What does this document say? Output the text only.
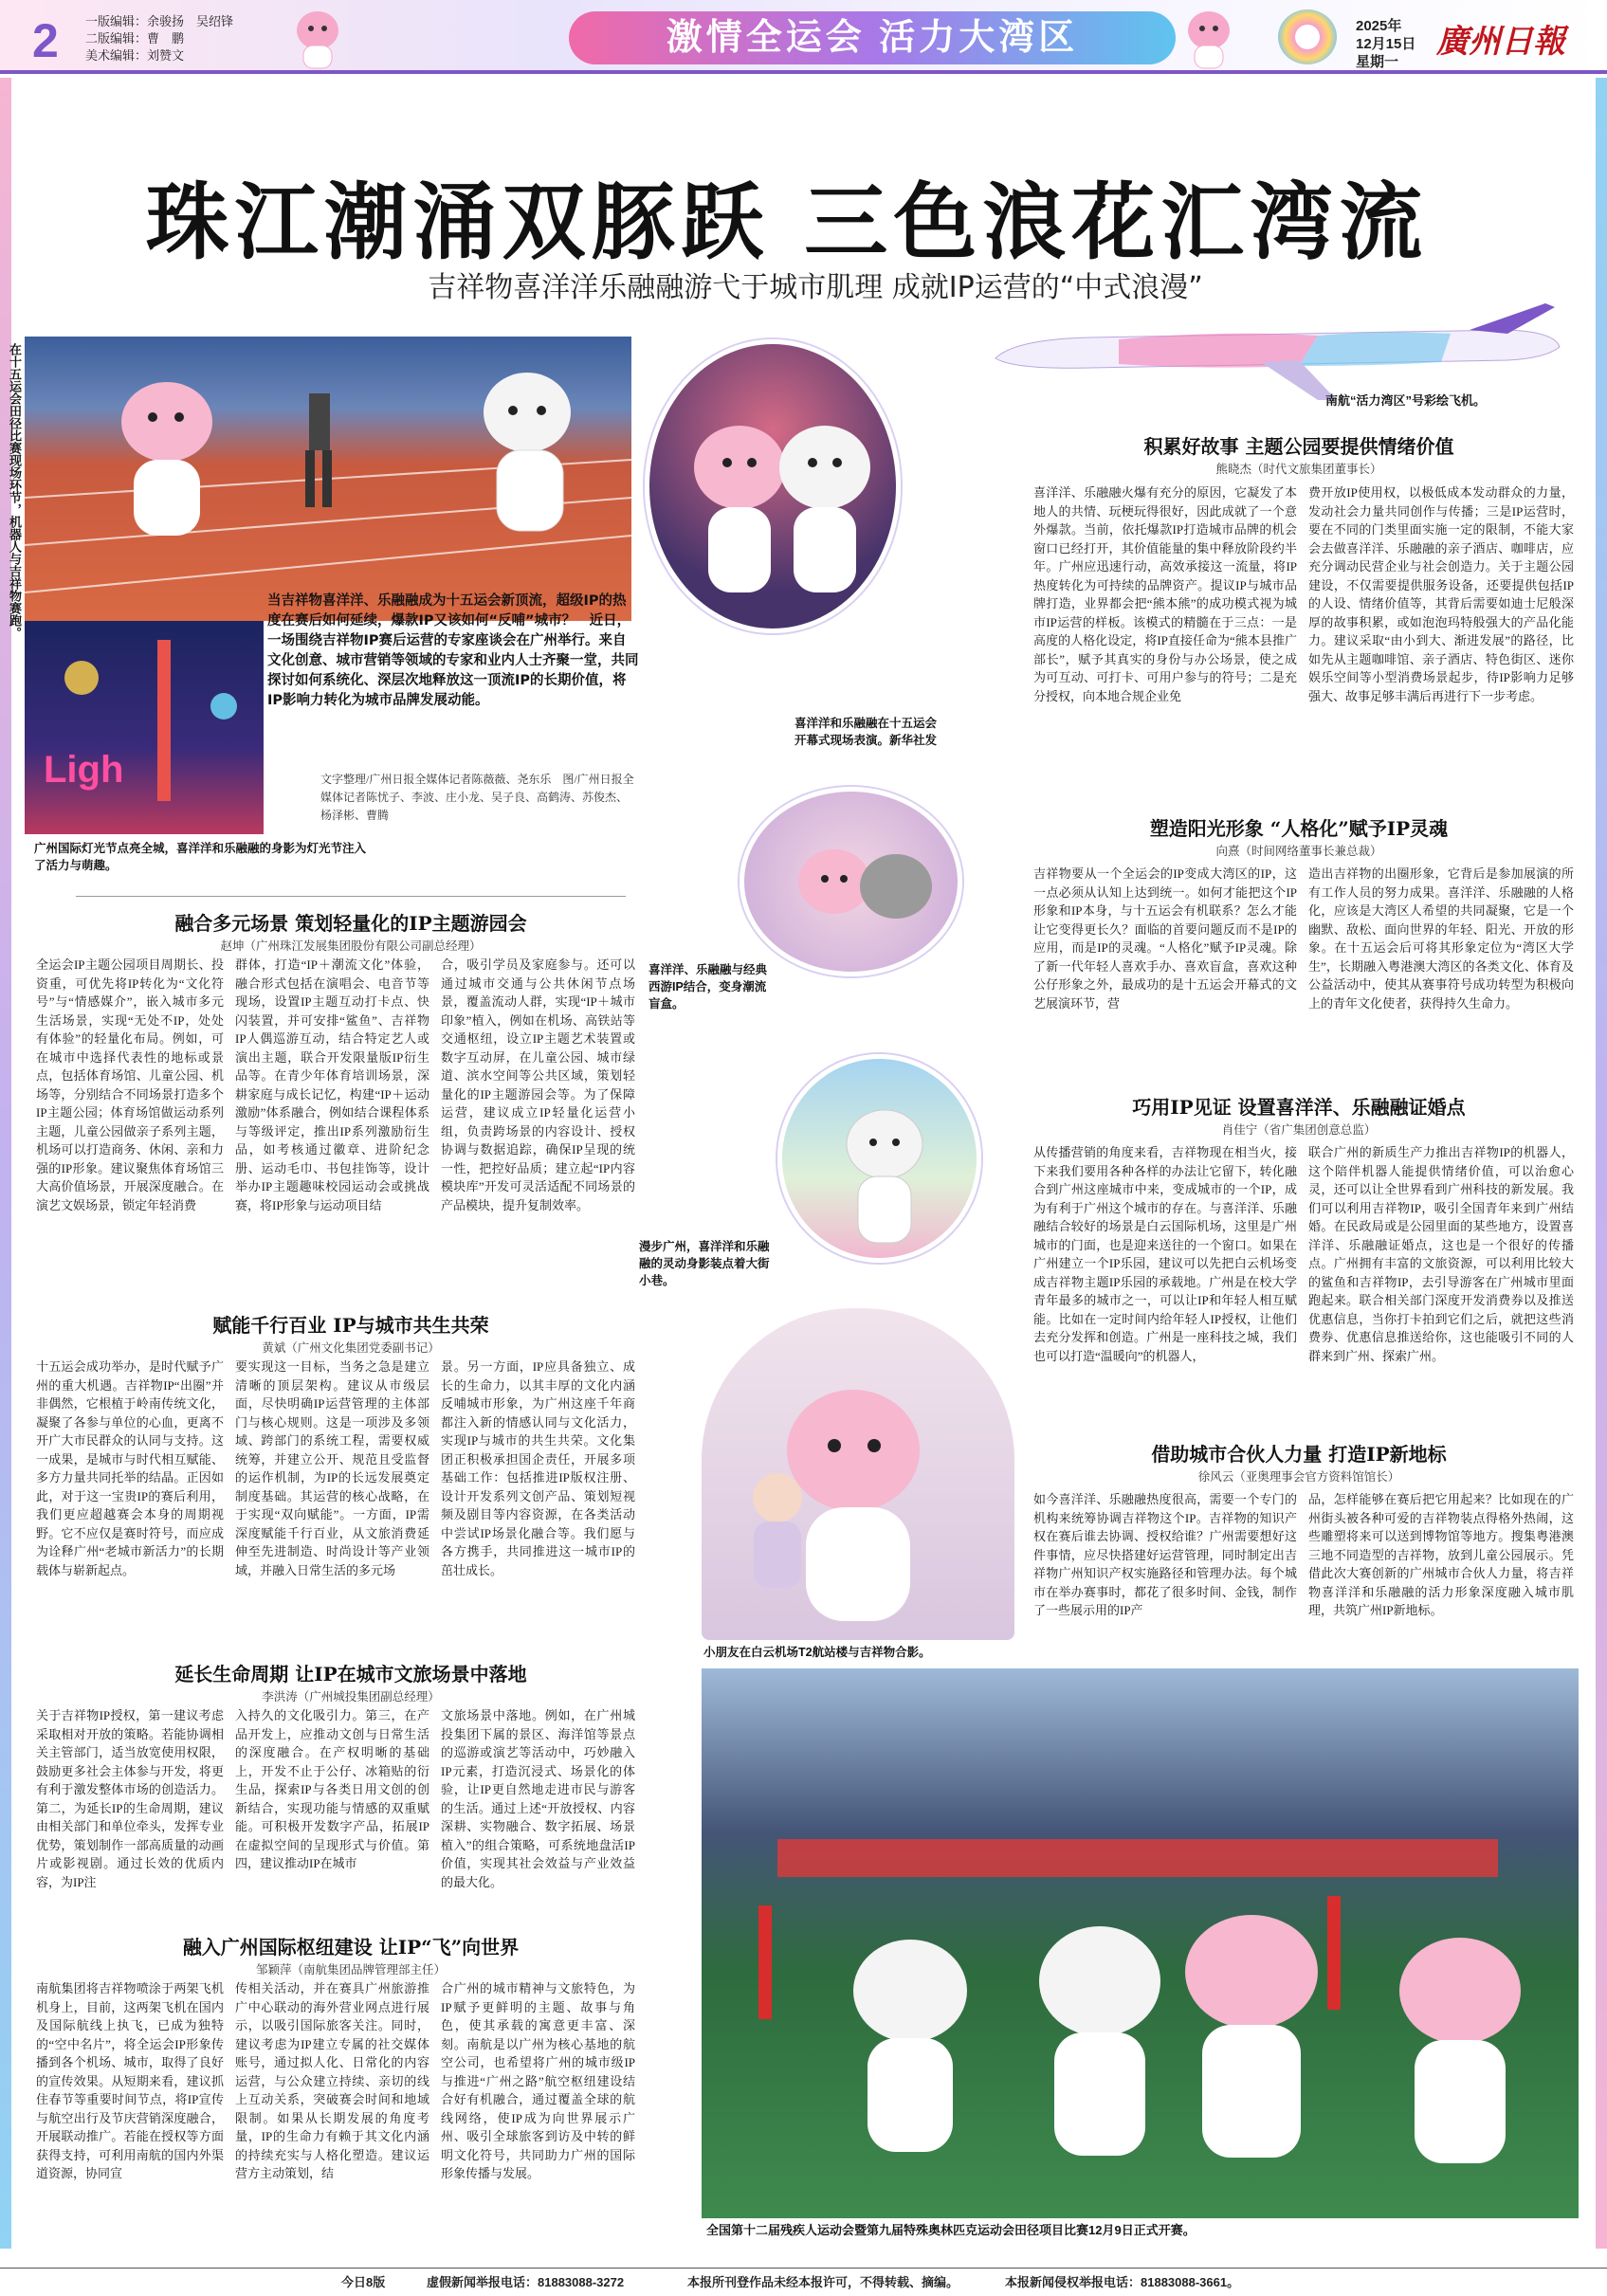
2 一版编辑：余骏扬　吴绍锋
二版编辑：曹　鹏
美术编辑：刘赞文	激情全运会 活力大湾区	2025年
12月15日
星期一
廣州日報
珠江潮涌双豚跃 三色浪花汇湾流
吉祥物喜洋洋乐融融游弋于城市肌理 成就IP运营的“中式浪漫”
南航“活力湾区”号彩绘飞机。
在十五运会田径比赛现场环节，机器人与吉祥物赛跑。
Ligh
广州国际灯光节点亮全城，喜洋洋和乐融融的身影为灯光节注入了活力与萌趣。
当吉祥物喜洋洋、乐融融成为十五运会新顶流，超级IP的热度在赛后如何延续，爆款IP又该如何“反哺”城市？　近日，一场围绕吉祥物IP赛后运营的专家座谈会在广州举行。来自文化创意、城市营销等领域的专家和业内人士齐聚一堂，共同探讨如何系统化、深层次地释放这一顶流IP的长期价值，将IP影响力转化为城市品牌发展动能。
文字整理/广州日报全媒体记者陈薇薇、尧东乐　图/广州日报全媒体记者陈忧子、李波、庄小龙、吴子良、高鹤涛、苏俊杰、杨泽彬、曹腾
喜洋洋和乐融融在十五运会开幕式现场表演。新华社发
喜洋洋、乐融融与经典西游IP结合，变身潮流盲盒。
漫步广州，喜洋洋和乐融融的灵动身影装点着大街小巷。
小朋友在白云机场T2航站楼与吉祥物合影。
全国第十二届残疾人运动会暨第九届特殊奥林匹克运动会田径项目比赛12月9日正式开赛。
融合多元场景 策划轻量化的IP主题游园会
赵坤（广州珠江发展集团股份有限公司副总经理）
全运会IP主题公园项目周期长、投资重，可优先将IP转化为“文化符号”与“情感媒介”，嵌入城市多元生活场景，实现“无处不IP，处处有体验”的轻量化布局。例如，可在城市中选择代表性的地标或景点，包括体育场馆、儿童公园、机场等，分别结合不同场景打造多个IP主题公园；体育场馆做运动系列主题，儿童公园做亲子系列主题，机场可以打造商务、休闲、亲和力强的IP形象。建议聚焦体育场馆三大高价值场景，开展深度融合。在演艺文娱场景，锁定年轻消费
群体，打造“IP＋潮流文化”体验，融合形式包括在演唱会、电音节等现场，设置IP主题互动打卡点、快闪装置，并可安排“鲨鱼”、吉祥物IP人偶巡游互动，结合特定艺人或演出主题，联合开发限量版IP衍生品等。在青少年体育培训场景，深耕家庭与成长记忆，构建“IP＋运动激励”体系融合，例如结合课程体系与等级评定，推出IP系列激励衍生品，如考核通过徽章、进阶纪念册、运动毛巾、书包挂饰等，设计举办IP主题趣味校园运动会或挑战赛，将IP形象与运动项目结
合，吸引学员及家庭参与。还可以通过城市交通与公共休闲节点场景，覆盖流动人群，实现“IP＋城市印象”植入，例如在机场、高铁站等交通枢纽，设立IP主题艺术装置或数字互动屏，在儿童公园、城市绿道、滨水空间等公共区域，策划轻量化的IP主题游园会等。为了保障运营，建议成立IP轻量化运营小组，负责跨场景的内容设计、授权协调与数据追踪，确保IP呈现的统一性，把控好品质；建立起“IP内容模块库”开发可灵活适配不同场景的产品模块，提升复制效率。
赋能千行百业 IP与城市共生共荣
黄斌（广州文化集团党委副书记）
十五运会成功举办，是时代赋予广州的重大机遇。吉祥物IP“出圈”并非偶然，它根植于岭南传统文化，凝聚了各参与单位的心血，更离不开广大市民群众的认同与支持。这一成果，是城市与时代相互赋能、多方力量共同托举的结晶。正因如此，对于这一宝贵IP的赛后利用，我们更应超越赛会本身的周期视野。它不应仅是赛时符号，而应成为诠释广州“老城市新活力”的长期载体与崭新起点。
要实现这一目标，当务之急是建立清晰的顶层架构。建议从市级层面，尽快明确IP运营管理的主体部门与核心规则。这是一项涉及多领域、跨部门的系统工程，需要权威统筹，并建立公开、规范且受监督的运作机制，为IP的长远发展奠定制度基础。其运营的核心战略，在于实现“双向赋能”。一方面，IP需深度赋能千行百业，从文旅消费延伸至先进制造、时尚设计等产业领域，并融入日常生活的多元场
景。另一方面，IP应具备独立、成长的生命力，以其丰厚的文化内涵反哺城市形象，为广州这座千年商都注入新的情感认同与文化活力，实现IP与城市的共生共荣。文化集团正积极承担国企责任，开展多项基础工作：包括推进IP版权注册、设计开发系列文创产品、策划短视频及剧目等内容资源，在各类活动中尝试IP场景化融合等。我们愿与各方携手，共同推进这一城市IP的茁壮成长。
延长生命周期 让IP在城市文旅场景中落地
李洪涛（广州城投集团副总经理）
关于吉祥物IP授权，第一建议考虑采取相对开放的策略。若能协调相关主管部门，适当放宽使用权限，鼓励更多社会主体参与开发，将更有利于激发整体市场的创造活力。第二，为延长IP的生命周期，建议由相关部门和单位牵头，发挥专业优势，策划制作一部高质量的动画片或影视剧。通过长效的优质内容，为IP注
入持久的文化吸引力。第三，在产品开发上，应推动文创与日常生活的深度融合。在产权明晰的基础上，开发不止于公仔、冰箱贴的衍生品，探索IP与各类日用文创的创新结合，实现功能与情感的双重赋能。可积极开发数字产品，拓展IP在虚拟空间的呈现形式与价值。第四，建议推动IP在城市
文旅场景中落地。例如，在广州城投集团下属的景区、海洋馆等景点的巡游或演艺等活动中，巧妙融入IP元素，打造沉浸式、场景化的体验，让IP更自然地走进市民与游客的生活。通过上述“开放授权、内容深耕、实物融合、数字拓展、场景植入”的组合策略，可系统地盘活IP价值，实现其社会效益与产业效益的最大化。
融入广州国际枢纽建设 让IP“飞”向世界
邹颖萍（南航集团品牌管理部主任）
南航集团将吉祥物喷涂于两架飞机机身上，目前，这两架飞机在国内及国际航线上执飞，已成为独特的“空中名片”，将全运会IP形象传播到各个机场、城市，取得了良好的宣传效果。从短期来看，建议抓住春节等重要时间节点，将IP宣传与航空出行及节庆营销深度融合，开展联动推广。若能在授权等方面获得支持，可利用南航的国内外渠道资源，协同宣
传相关活动，并在赛具广州旅游推广中心联动的海外营业网点进行展示，以吸引国际旅客关注。同时，建议考虑为IP建立专属的社交媒体账号，通过拟人化、日常化的内容运营，与公众建立持续、亲切的线上互动关系，突破赛会时间和地域限制。如果从长期发展的角度考量，IP的生命力有赖于其文化内涵的持续充实与人格化塑造。建议运营方主动策划，结
合广州的城市精神与文旅特色，为IP赋予更鲜明的主题、故事与角色，使其承载的寓意更丰富、深刻。南航是以广州为核心基地的航空公司，也希望将广州的城市级IP与推进“广州之路”航空枢纽建设结合好有机融合，通过覆盖全球的航线网络，使IP成为向世界展示广州、吸引全球旅客到访及中转的鲜明文化符号，共同助力广州的国际形象传播与发展。
积累好故事 主题公园要提供情绪价值
熊晓杰（时代文旅集团董事长）
喜洋洋、乐融融火爆有充分的原因，它凝发了本地人的共情、玩梗玩得很好，因此成就了一个意外爆款。当前，依托爆款IP打造城市品牌的机会窗口已经打开，其价值能量的集中释放阶段约半年。广州应迅速行动，高效承接这一流量，将IP热度转化为可持续的品牌资产。提议IP与城市品牌打造，业界都会把“熊本熊”的成功模式视为城市IP运营的样板。该模式的精髓在于三点：一是高度的人格化设定，将IP直接任命为“熊本县推广部长”，赋予其真实的身份与办公场景，使之成为可互动、可打卡、可用户参与的符号；二是充分授权，向本地合规企业免
费开放IP使用权，以极低成本发动群众的力量，发动社会力量共同创作与传播；三是IP运营时，要在不同的门类里面实施一定的限制，不能大家会去做喜洋洋、乐融融的亲子酒店、咖啡店，应充分调动民营企业与社会创造力。关于主题公园建设，不仅需要提供服务设备，还要提供包括IP的人设、情绪价值等，其背后需要如迪士尼般深厚的故事积累，或如泡泡玛特般强大的产品化能力。建议采取“由小到大、渐进发展”的路径，比如先从主题咖啡馆、亲子酒店、特色街区、迷你娱乐空间等小型消费场景起步，待IP影响力足够强大、故事足够丰满后再进行下一步考虑。
塑造阳光形象 “人格化”赋予IP灵魂
向熹（时间网络董事长兼总裁）
吉祥物要从一个全运会的IP变成大湾区的IP，这一点必须从认知上达到统一。如何才能把这个IP形象和IP本身，与十五运会有机联系？怎么才能让它变得更长久？面临的首要问题反而不是IP的应用，而是IP的灵魂。“人格化”赋予IP灵魂。除了新一代年轻人喜欢手办、喜欢盲盒，喜欢这种公仔形象之外，最成功的是十五运会开幕式的文艺展演环节，营
造出吉祥物的出圈形象，它背后是参加展演的所有工作人员的努力成果。喜洋洋、乐融融的人格化，应该是大湾区人希望的共同凝聚，它是一个幽默、敌松、面向世界的年轻、阳光、开放的形象。在十五运会后可将其形象定位为“湾区大学生”，长期融入粤港澳大湾区的各类文化、体育及公益活动中，使其从赛事符号成功转型为积极向上的青年文化使者，获得持久生命力。
巧用IP见证 设置喜洋洋、乐融融证婚点
肖佳宁（省广集团创意总监）
从传播营销的角度来看，吉祥物现在相当火，接下来我们要用各种各样的办法让它留下，转化融合到广州这座城市中来，变成城市的一个IP，成为有利于广州这个城市的存在。与喜洋洋、乐融融结合较好的场景是白云国际机场，这里是广州城市的门面，也是迎来送往的一个窗口。如果在广州建立一个IP乐园，建议可以先把白云机场变成吉祥物主题IP乐园的承载地。广州是在校大学青年最多的城市之一，可以让IP和年轻人相互赋能。比如在一定时间内给年轻人IP授权，让他们去充分发挥和创造。广州是一座科技之城，我们也可以打造“温暖向”的机器人，
联合广州的新质生产力推出吉祥物IP的机器人，这个陪伴机器人能提供情绪价值，可以治愈心灵，还可以让全世界看到广州科技的新发展。我们可以利用吉祥物IP，吸引全国青年来到广州结婚。在民政局或是公园里面的某些地方，设置喜洋洋、乐融融证婚点，这也是一个很好的传播点。广州拥有丰富的文旅资源，可以利用比较大的鲨鱼和吉祥物IP，去引导游客在广州城市里面跑起来。联合相关部门深度开发消费券以及推送优惠信息，当你打卡拍到它们之后，就把这些消费券、优惠信息推送给你，这也能吸引不同的人群来到广州、探索广州。
借助城市合伙人力量 打造IP新地标
徐风云（亚奥理事会官方资料馆馆长）
如今喜洋洋、乐融融热度很高，需要一个专门的机构来统筹协调吉祥物这个IP。吉祥物的知识产权在赛后谁去协调、授权给谁？广州需要想好这件事情，应尽快搭建好运营管理，同时制定出吉祥物广州知识产权实施路径和管理办法。每个城市在举办赛事时，都花了很多时间、金钱，制作了一些展示用的IP产
品，怎样能够在赛后把它用起来？比如现在的广州街头被各种可爱的吉祥物装点得格外热闹，这些雕塑将来可以送到博物馆等地方。搜集粤港澳三地不同造型的吉祥物，放到儿童公园展示。凭借此次大赛创新的广州城市合伙人力量，将吉祥物喜洋洋和乐融融的活力形象深度融入城市肌理，共筑广州IP新地标。
今日8版	虚假新闻举报电话：81883088-3272	本报所刊登作品未经本报许可，不得转载、摘编。	本报新闻侵权举报电话：81883088-3661。
